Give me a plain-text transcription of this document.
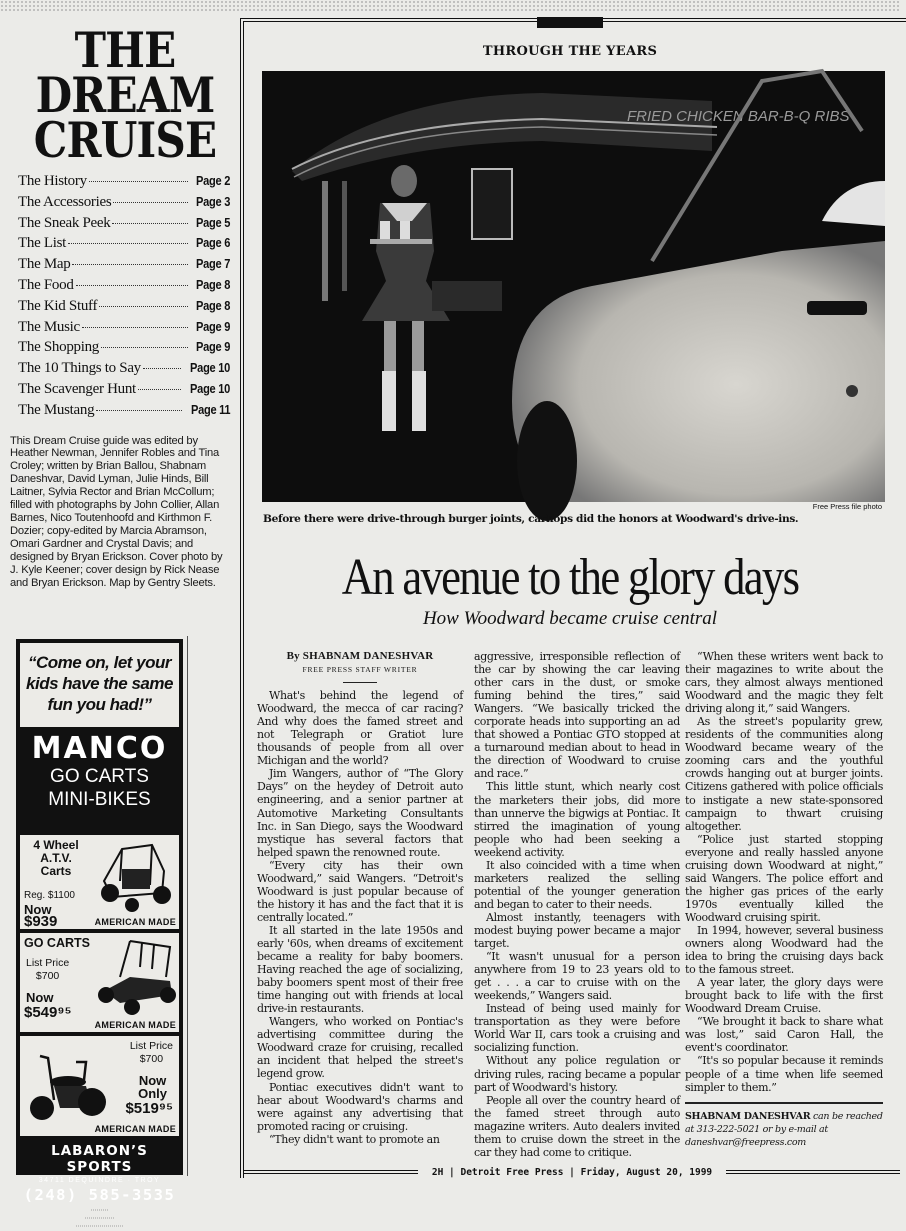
THE
DREAM
CRUISE
The History	Page 2
The Accessories	Page 3
The Sneak Peek	Page 5
The List	Page 6
The Map	Page 7
The Food	Page 8
The Kid Stuff	Page 8
The Music	Page 9
The Shopping	Page 9
The 10 Things to Say	Page 10
The Scavenger Hunt	Page 10
The Mustang	Page 11
This Dream Cruise guide was edited by Heather Newman, Jennifer Robles and Tina Croley; written by Brian Ballou, Shabnam Daneshvar, David Lyman, Julie Hinds, Bill Laitner, Sylvia Rector and Brian McCollum; filled with photographs by John Collier, Allan Barnes, Nico Toutenhoofd and Kirthmon F. Dozier; copy-edited by Marcia Abramson, Omari Gardner and Crystal Davis; and designed by Bryan Erickson. Cover photo by J. Kyle Keener; cover design by Rick Nease and Bryan Erickson. Map by Gentry Sleets.
“Come on, let your kids have the same fun you had!”
MANCO
GO CARTS
MINI-BIKES
4 Wheel
A.T.V.
Carts
Reg. $1100
Now
$939	AMERICAN MADE
GO CARTS
List Price
$700
Now
$549⁹⁵
AMERICAN MADE
List Price
$700
Now
Only
$519⁹⁵
AMERICAN MADE
LABARON’S SPORTS
34711 DEQUINDRE · TROY
(248) 585-3535
⋯⋯⋯
⋯⋯⋯⋯⋯
⋯⋯⋯⋯⋯⋯⋯⋯
THROUGH THE YEARS
FRIED CHICKEN BAR-B-Q RIBS
Free Press file photo
Before there were drive-through burger joints, carhops did the honors at Woodward's drive-ins.
An avenue to the glory days
How Woodward became cruise central
By SHABNAM DANESHVAR
FREE PRESS STAFF WRITER

What's behind the legend of Woodward, the mecca of car racing? And why does the famed street and not Telegraph or Gratiot lure thousands of people from all over Michigan and the world?

Jim Wangers, author of “The Glory Days” on the heydey of Detroit auto engineering, and a senior partner at Automotive Marketing Consultants Inc. in San Diego, says the Woodward mystique has several factors that helped spawn the renowned route.

“Every city has their own Woodward,” said Wangers. “Detroit's Woodward is just popular because of the history it has and the fact that it is centrally located.”

It all started in the late 1950s and early '60s, when dreams of excitement became a reality for baby boomers. Having reached the age of socializing, baby boomers spent most of their free time hanging out with friends at local drive-in restaurants.

Wangers, who worked on Pontiac's advertising committee during the Woodward craze for cruising, recalled an incident that helped the street's legend grow.

Pontiac executives didn't want to hear about Woodward's charms and were against any advertising that promoted racing or cruising.

“They didn't want to promote an

aggressive, irresponsible reflection of the car by showing the car leaving other cars in the dust, or smoke fuming behind the tires,” said Wangers. “We basically tricked the corporate heads into supporting an ad that showed a Pontiac GTO stopped at a turnaround median about to head in the direction of Woodward to cruise and race.”

This little stunt, which nearly cost the marketers their jobs, did more than unnerve the bigwigs at Pontiac. It stirred the imagination of young people who had been seeking a weekend activity.

It also coincided with a time when marketers realized the selling potential of the younger generation and began to cater to their needs.

Almost instantly, teenagers with modest buying power became a major target.

“It wasn't unusual for a person anywhere from 19 to 23 years old to get . . . a car to cruise with on the weekends,” Wangers said.

Instead of being used mainly for transportation as they were before World War II, cars took a cruising and socializing function.

Without any police regulation or driving rules, racing became a popular part of Woodward's history.

People all over the country heard of the famed street through auto magazine writers. Auto dealers invited them to cruise down the street in the car they had come to critique.

“When these writers went back to their magazines to write about the cars, they almost always mentioned Woodward and the magic they felt driving along it,” said Wangers.

As the street's popularity grew, residents of the communities along Woodward became weary of the zooming cars and the youthful crowds hanging out at burger joints. Citizens gathered with police officials to instigate a new state-sponsored campaign to thwart cruising altogether.

“Police just started stopping everyone and really hassled anyone cruising down Woodward at night,” said Wangers. The police effort and the higher gas prices of the early 1970s eventually killed the Woodward cruising spirit.

In 1994, however, several business owners along Woodward had the idea to bring the cruising days back to the famous street.

A year later, the glory days were brought back to life with the first Woodward Dream Cruise.

“We brought it back to share what was lost,” said Caron Hall, the event's coordinator.

“It's so popular because it reminds people of a time when life seemed simpler to them.”

SHABNAM DANESHVAR can be reached at 313-222-5021 or by e-mail at daneshvar@freepress.com
2H | Detroit Free Press | Friday, August 20, 1999
